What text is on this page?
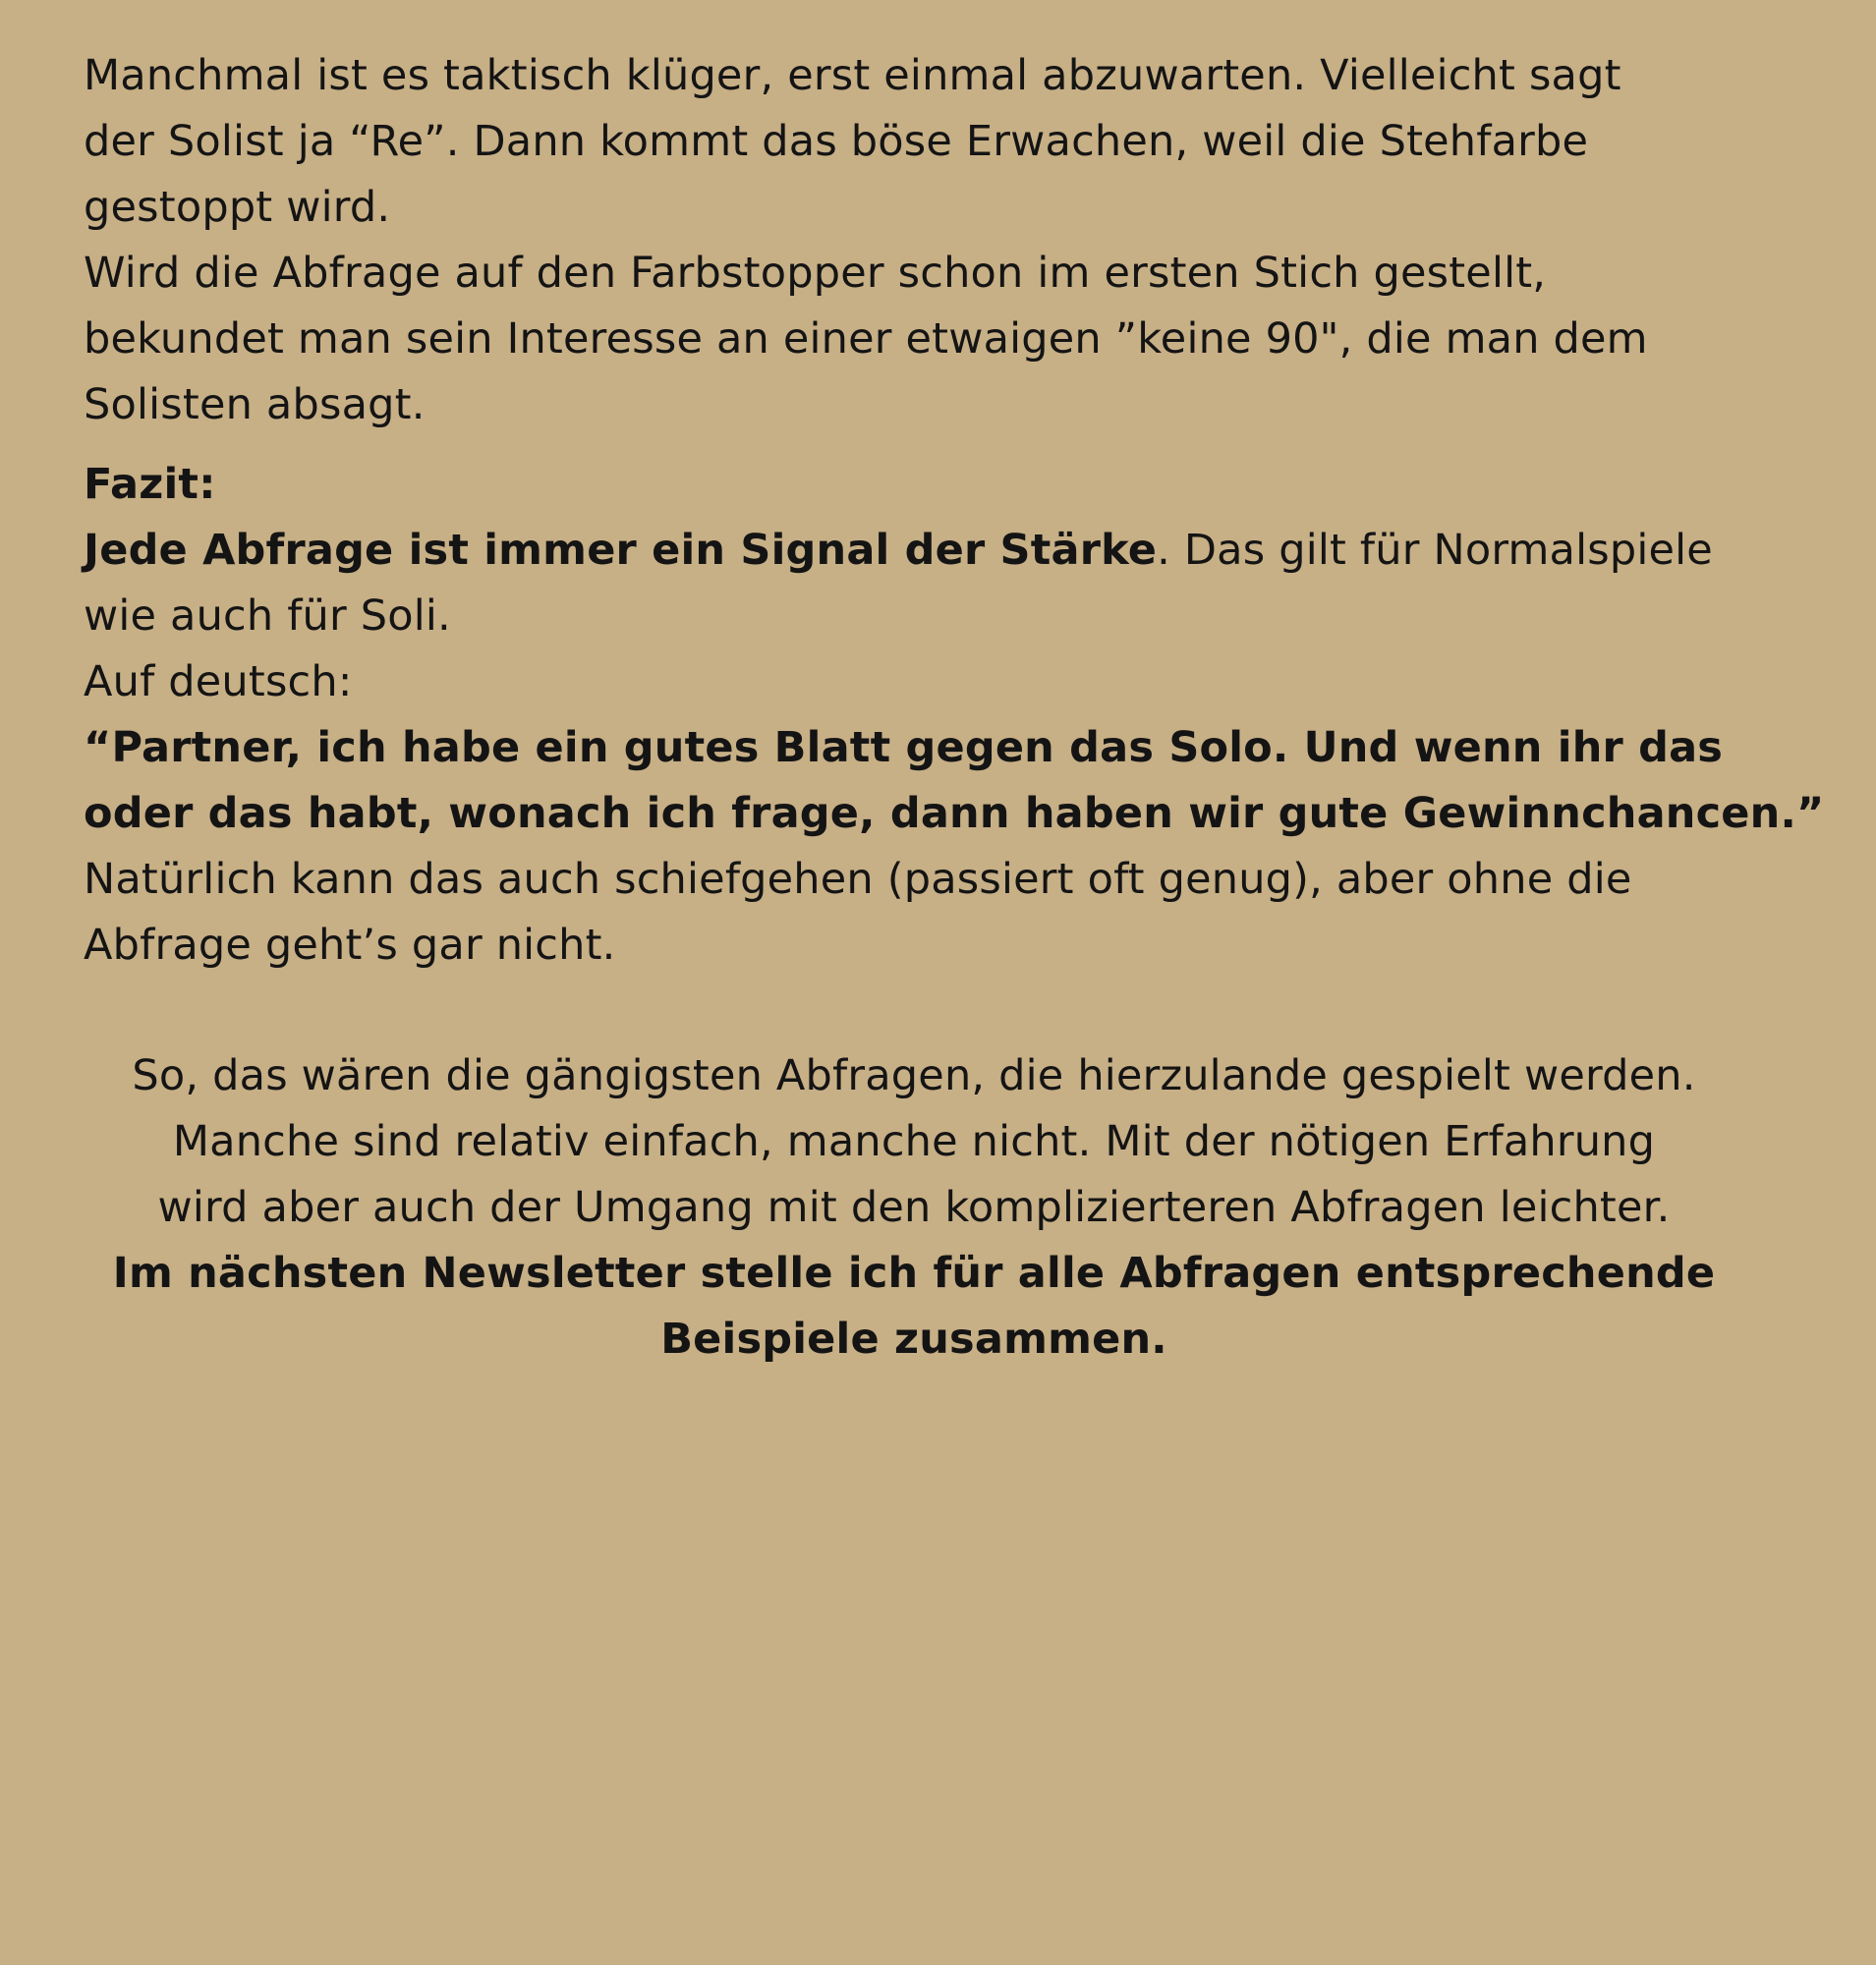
Manchmal ist es taktisch klüger, erst einmal abzuwarten. Vielleicht sagt
der Solist ja “Re”. Dann kommt das böse Erwachen, weil die Stehfarbe
gestoppt wird.
Wird die Abfrage auf den Farbstopper schon im ersten Stich gestellt,
bekundet man sein Interesse an einer etwaigen ”keine 90", die man dem
Solisten absagt.
Fazit:
Jede Abfrage ist immer ein Signal der Stärke. Das gilt für Normalspiele
wie auch für Soli.
Auf deutsch:
“Partner, ich habe ein gutes Blatt gegen das Solo. Und wenn ihr das
oder das habt, wonach ich frage, dann haben wir gute Gewinnchancen.”
Natürlich kann das auch schiefgehen (passiert oft genug), aber ohne die
Abfrage geht’s gar nicht.
So, das wären die gängigsten Abfragen, die hierzulande gespielt werden.
Manche sind relativ einfach, manche nicht. Mit der nötigen Erfahrung
wird aber auch der Umgang mit den komplizierteren Abfragen leichter.
Im nächsten Newsletter stelle ich für alle Abfragen entsprechende
Beispiele zusammen.
